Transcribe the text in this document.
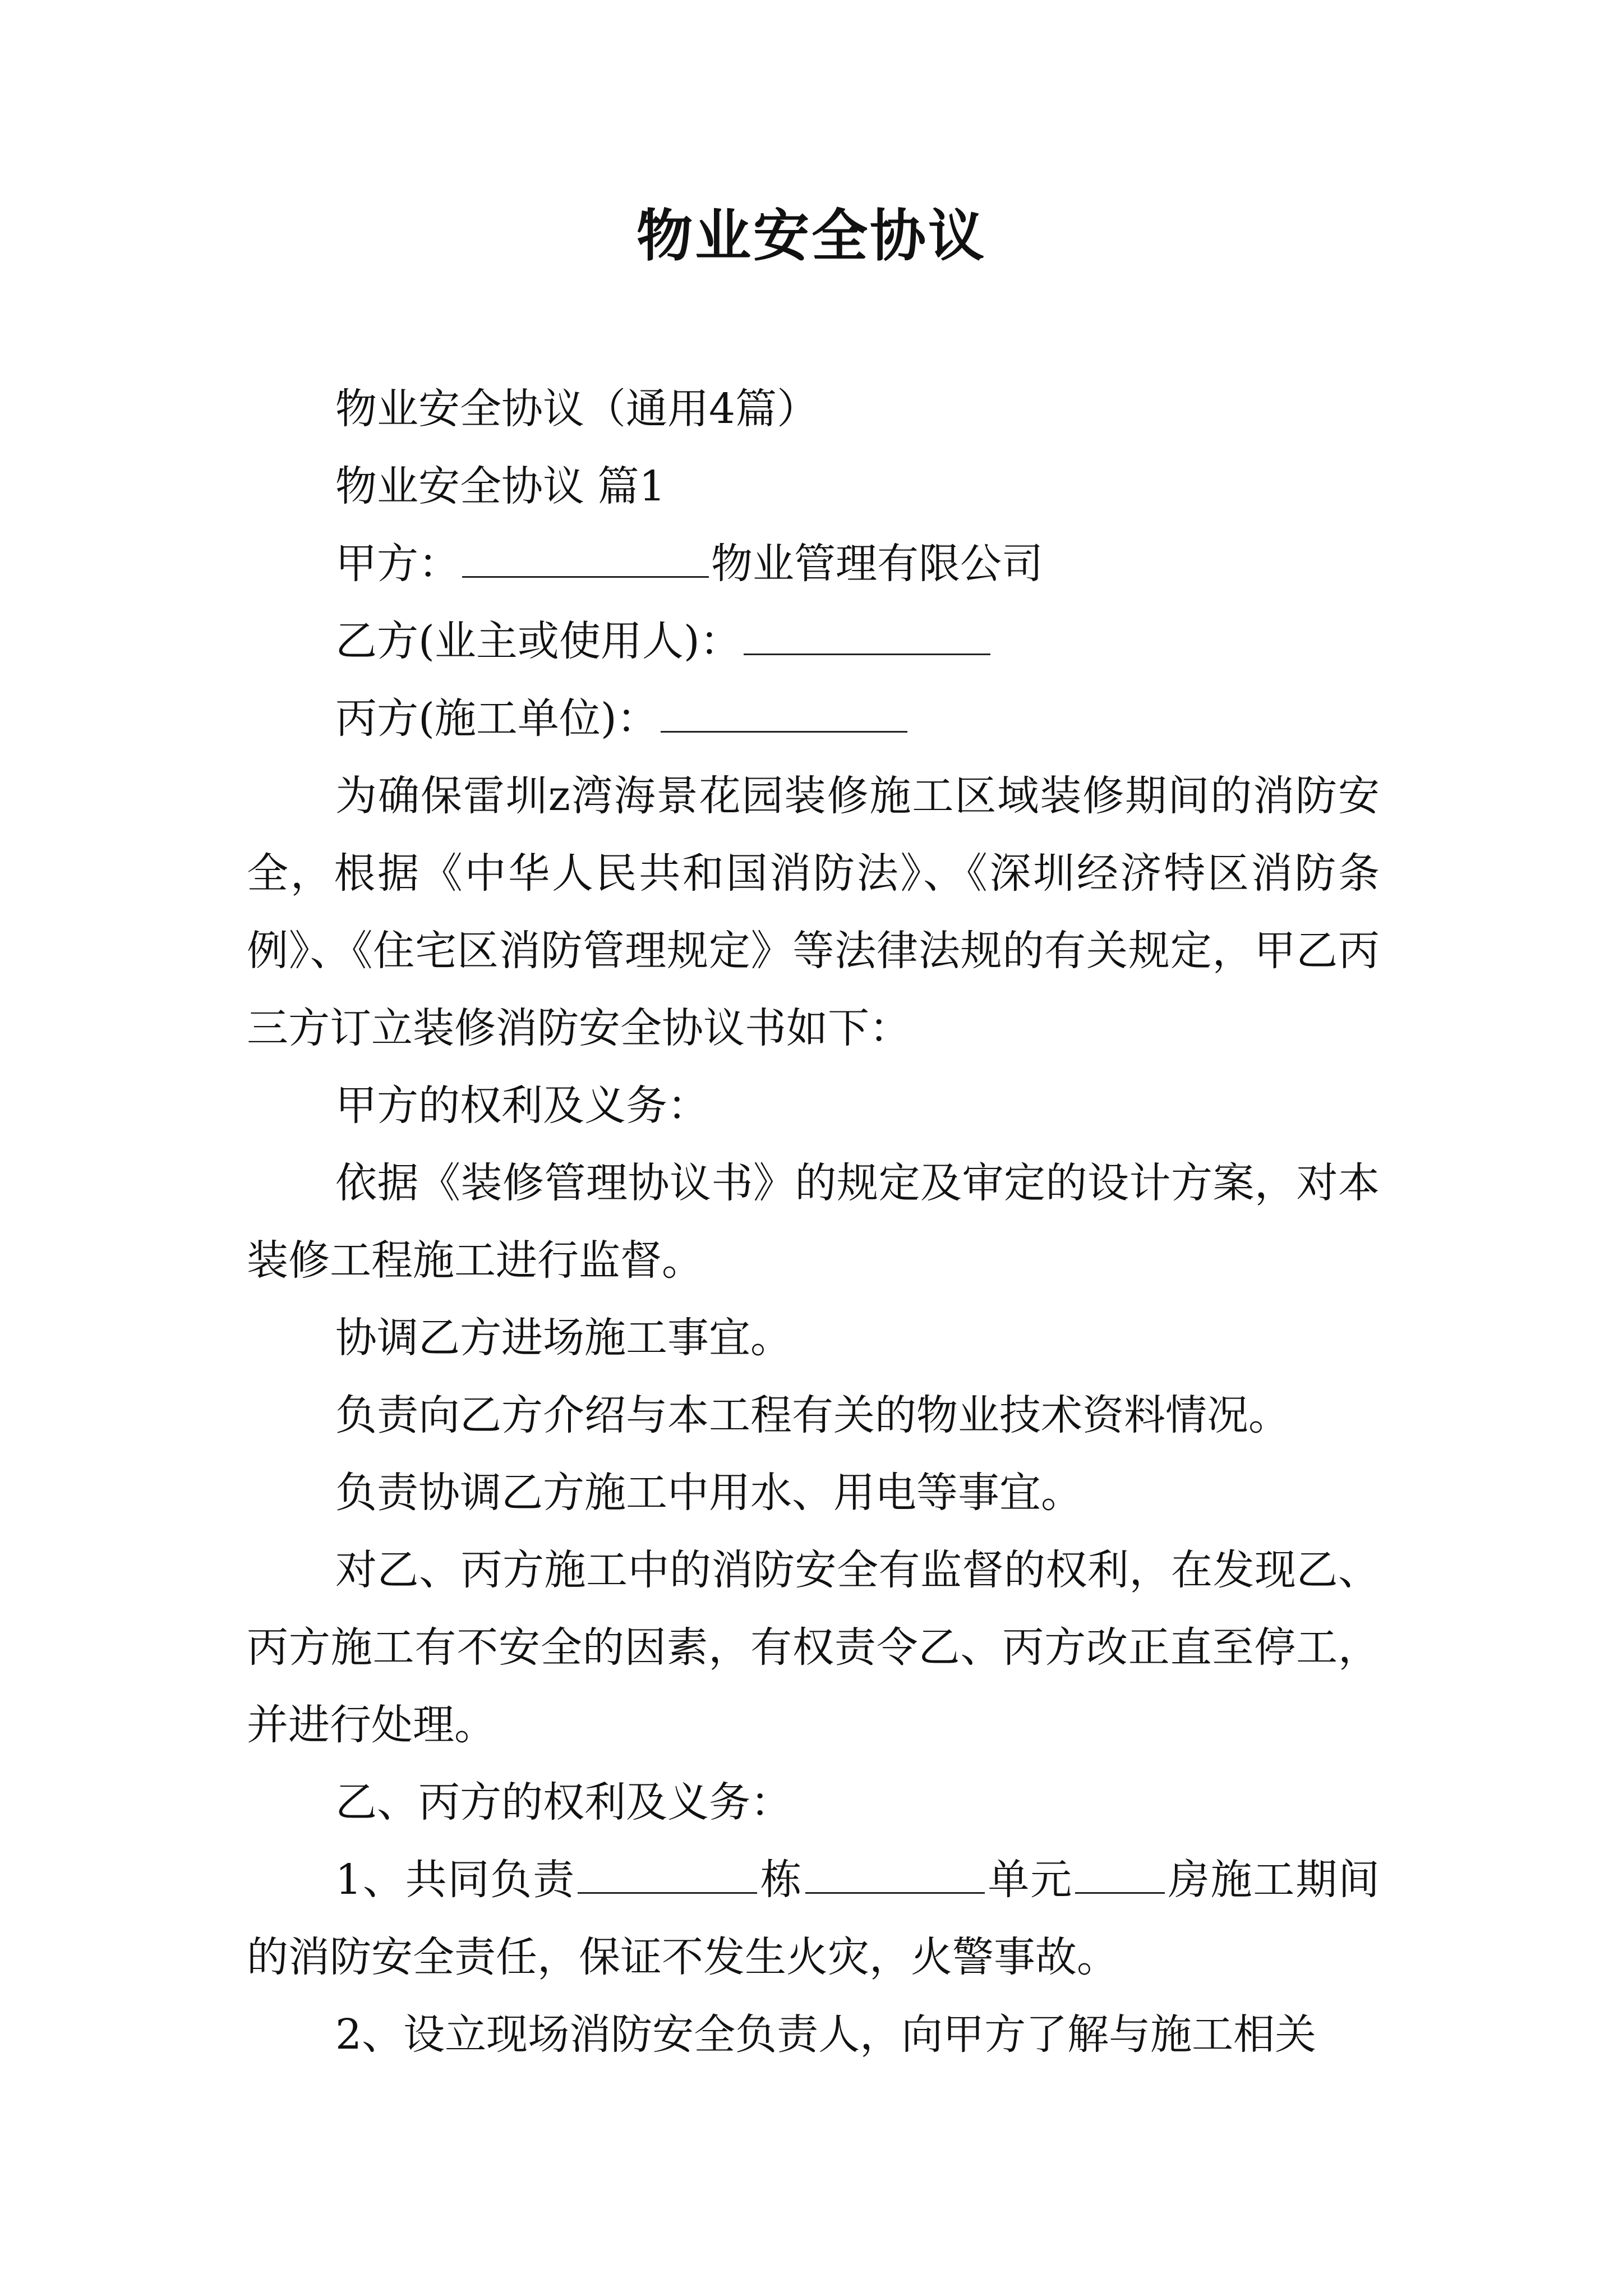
物业安全协议

物业安全协议（通用4篇）

物业安全协议 篇1

甲方：	物业管理有限公司

乙方(业主或使用人)：

丙方(施工单位)：

为确保雷圳z湾海景花园装修施工区域装修期间的消防安全，根据《中华人民共和国消防法》、《深圳经济特区消防条例》、《住宅区消防管理规定》等法律法规的有关规定，甲乙丙三方订立装修消防安全协议书如下：

甲方的权利及义务：

依据《装修管理协议书》的规定及审定的设计方案，对本装修工程施工进行监督。

协调乙方进场施工事宜。

负责向乙方介绍与本工程有关的物业技术资料情况。

负责协调乙方施工中用水、用电等事宜。

对乙、丙方施工中的消防安全有监督的权利，在发现乙、丙方施工有不安全的因素，有权责令乙、丙方改正直至停工，并进行处理。

乙、丙方的权利及义务：

1、共同负责	栋	单元 房施工期间的消防安全责任，保证不发生火灾，火警事故。

2、设立现场消防安全负责人，向甲方了解与施工相关
